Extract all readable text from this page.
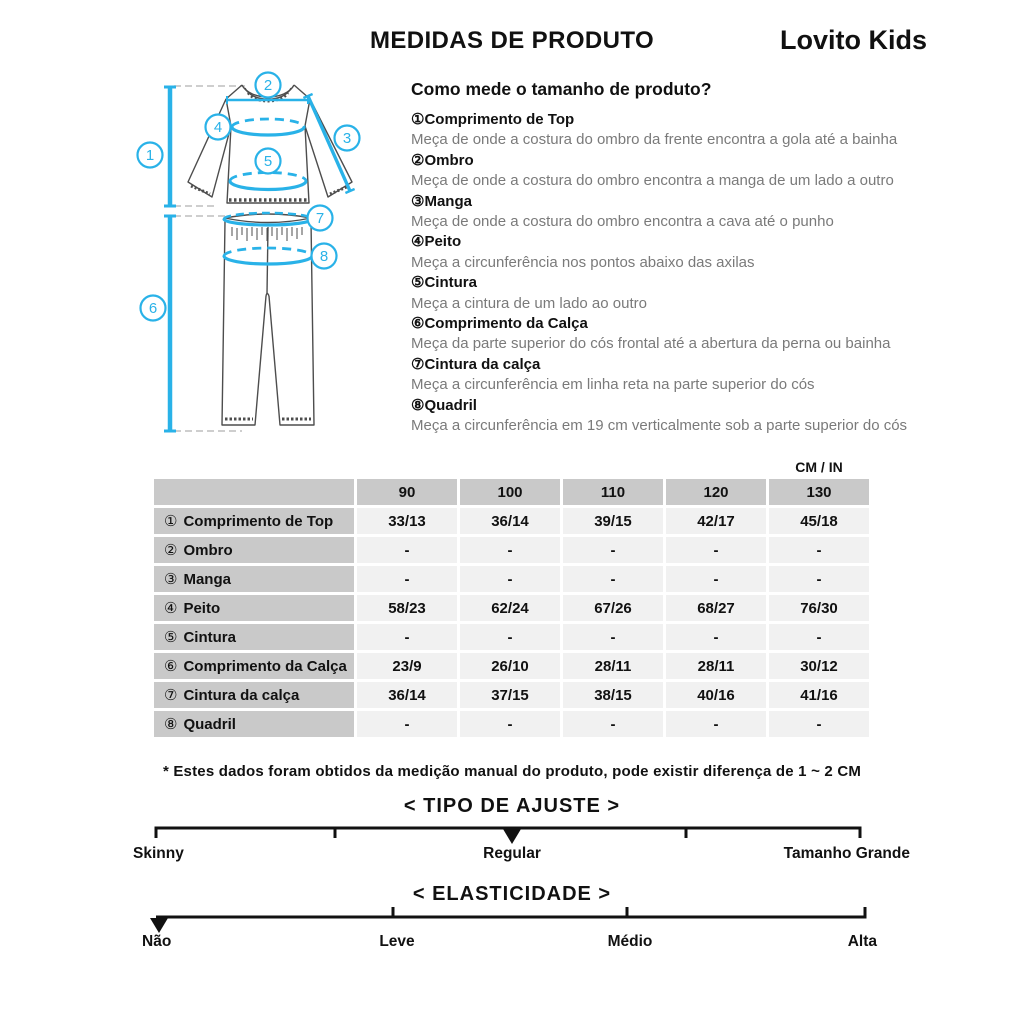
MEDIDAS DE PRODUTO	Lovito Kids
1
2
3
4
5
6
7
8
Como mede o tamanho de produto?
①Comprimento de Top
Meça de onde a costura do ombro da frente encontra a gola até a bainha
②Ombro
Meça de onde a costura do ombro encontra a manga de um lado a outro
③Manga
Meça de onde a costura do ombro encontra a cava até o punho
④Peito
Meça a circunferência nos pontos abaixo das axilas
⑤Cintura
Meça a cintura de um lado ao outro
⑥Comprimento da Calça
Meça da parte superior do cós frontal até a abertura da perna ou bainha
⑦Cintura da calça
Meça a circunferência em linha reta na parte superior do cós
⑧Quadril
Meça a circunferência em 19 cm verticalmente sob a parte superior do cós
CM / IN
90	100	110	120	130
① Comprimento de Top	33/13	36/14	39/15	42/17	45/18
② Ombro	-	-	-	-	-
③ Manga	-	-	-	-	-
④ Peito	58/23	62/24	67/26	68/27	76/30
⑤ Cintura	-	-	-	-	-
⑥ Comprimento da Calça	23/9	26/10	28/11	28/11	30/12
⑦ Cintura da calça	36/14	37/15	38/15	40/16	41/16
⑧ Quadril	-	-	-	-	-
* Estes dados foram obtidos da medição manual do produto, pode existir diferença de 1 ~ 2 CM
< TIPO DE AJUSTE >
Skinny	Regular	Tamanho Grande
< ELASTICIDADE >
Não	Leve	Médio	Alta
